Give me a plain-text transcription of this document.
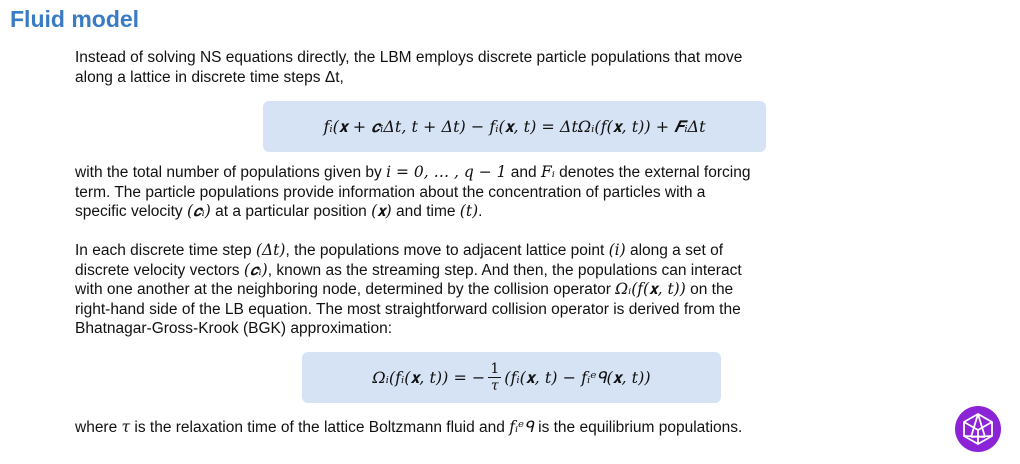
Fluid model
Instead of solving NS equations directly, the LBM employs discrete particle populations that move
along a lattice in discrete time steps Δt,
fᵢ(𝐱 + 𝒄ᵢΔt, t + Δt) − fᵢ(𝐱, t) = ΔtΩᵢ(f(𝐱, t)) + 𝑭ᵢΔt
with the total number of populations given by i = 0, … , q − 1 and Fᵢ denotes the external forcing
term. The particle populations provide information about the concentration of particles with a
specific velocity (𝒄ᵢ) at a particular position (𝐱) and time (t).
In each discrete time step (Δt), the populations move to adjacent lattice point (i) along a set of
discrete velocity vectors (𝒄ᵢ), known as the streaming step. And then, the populations can interact
with one another at the neighboring node, determined by the collision operator Ωᵢ(f(𝐱, t)) on the
right-hand side of the LB equation. The most straightforward collision operator is derived from the
Bhatnagar-Gross-Krook (BGK) approximation:
Ωᵢ(fᵢ(𝐱, t)) = − $\frac{1}{\tau}$ (fᵢ(𝐱, t) − fᵢᵉᑫ(𝐱, t))
where τ is the relaxation time of the lattice Boltzmann fluid and fᵢᵉᑫ is the equilibrium populations.
